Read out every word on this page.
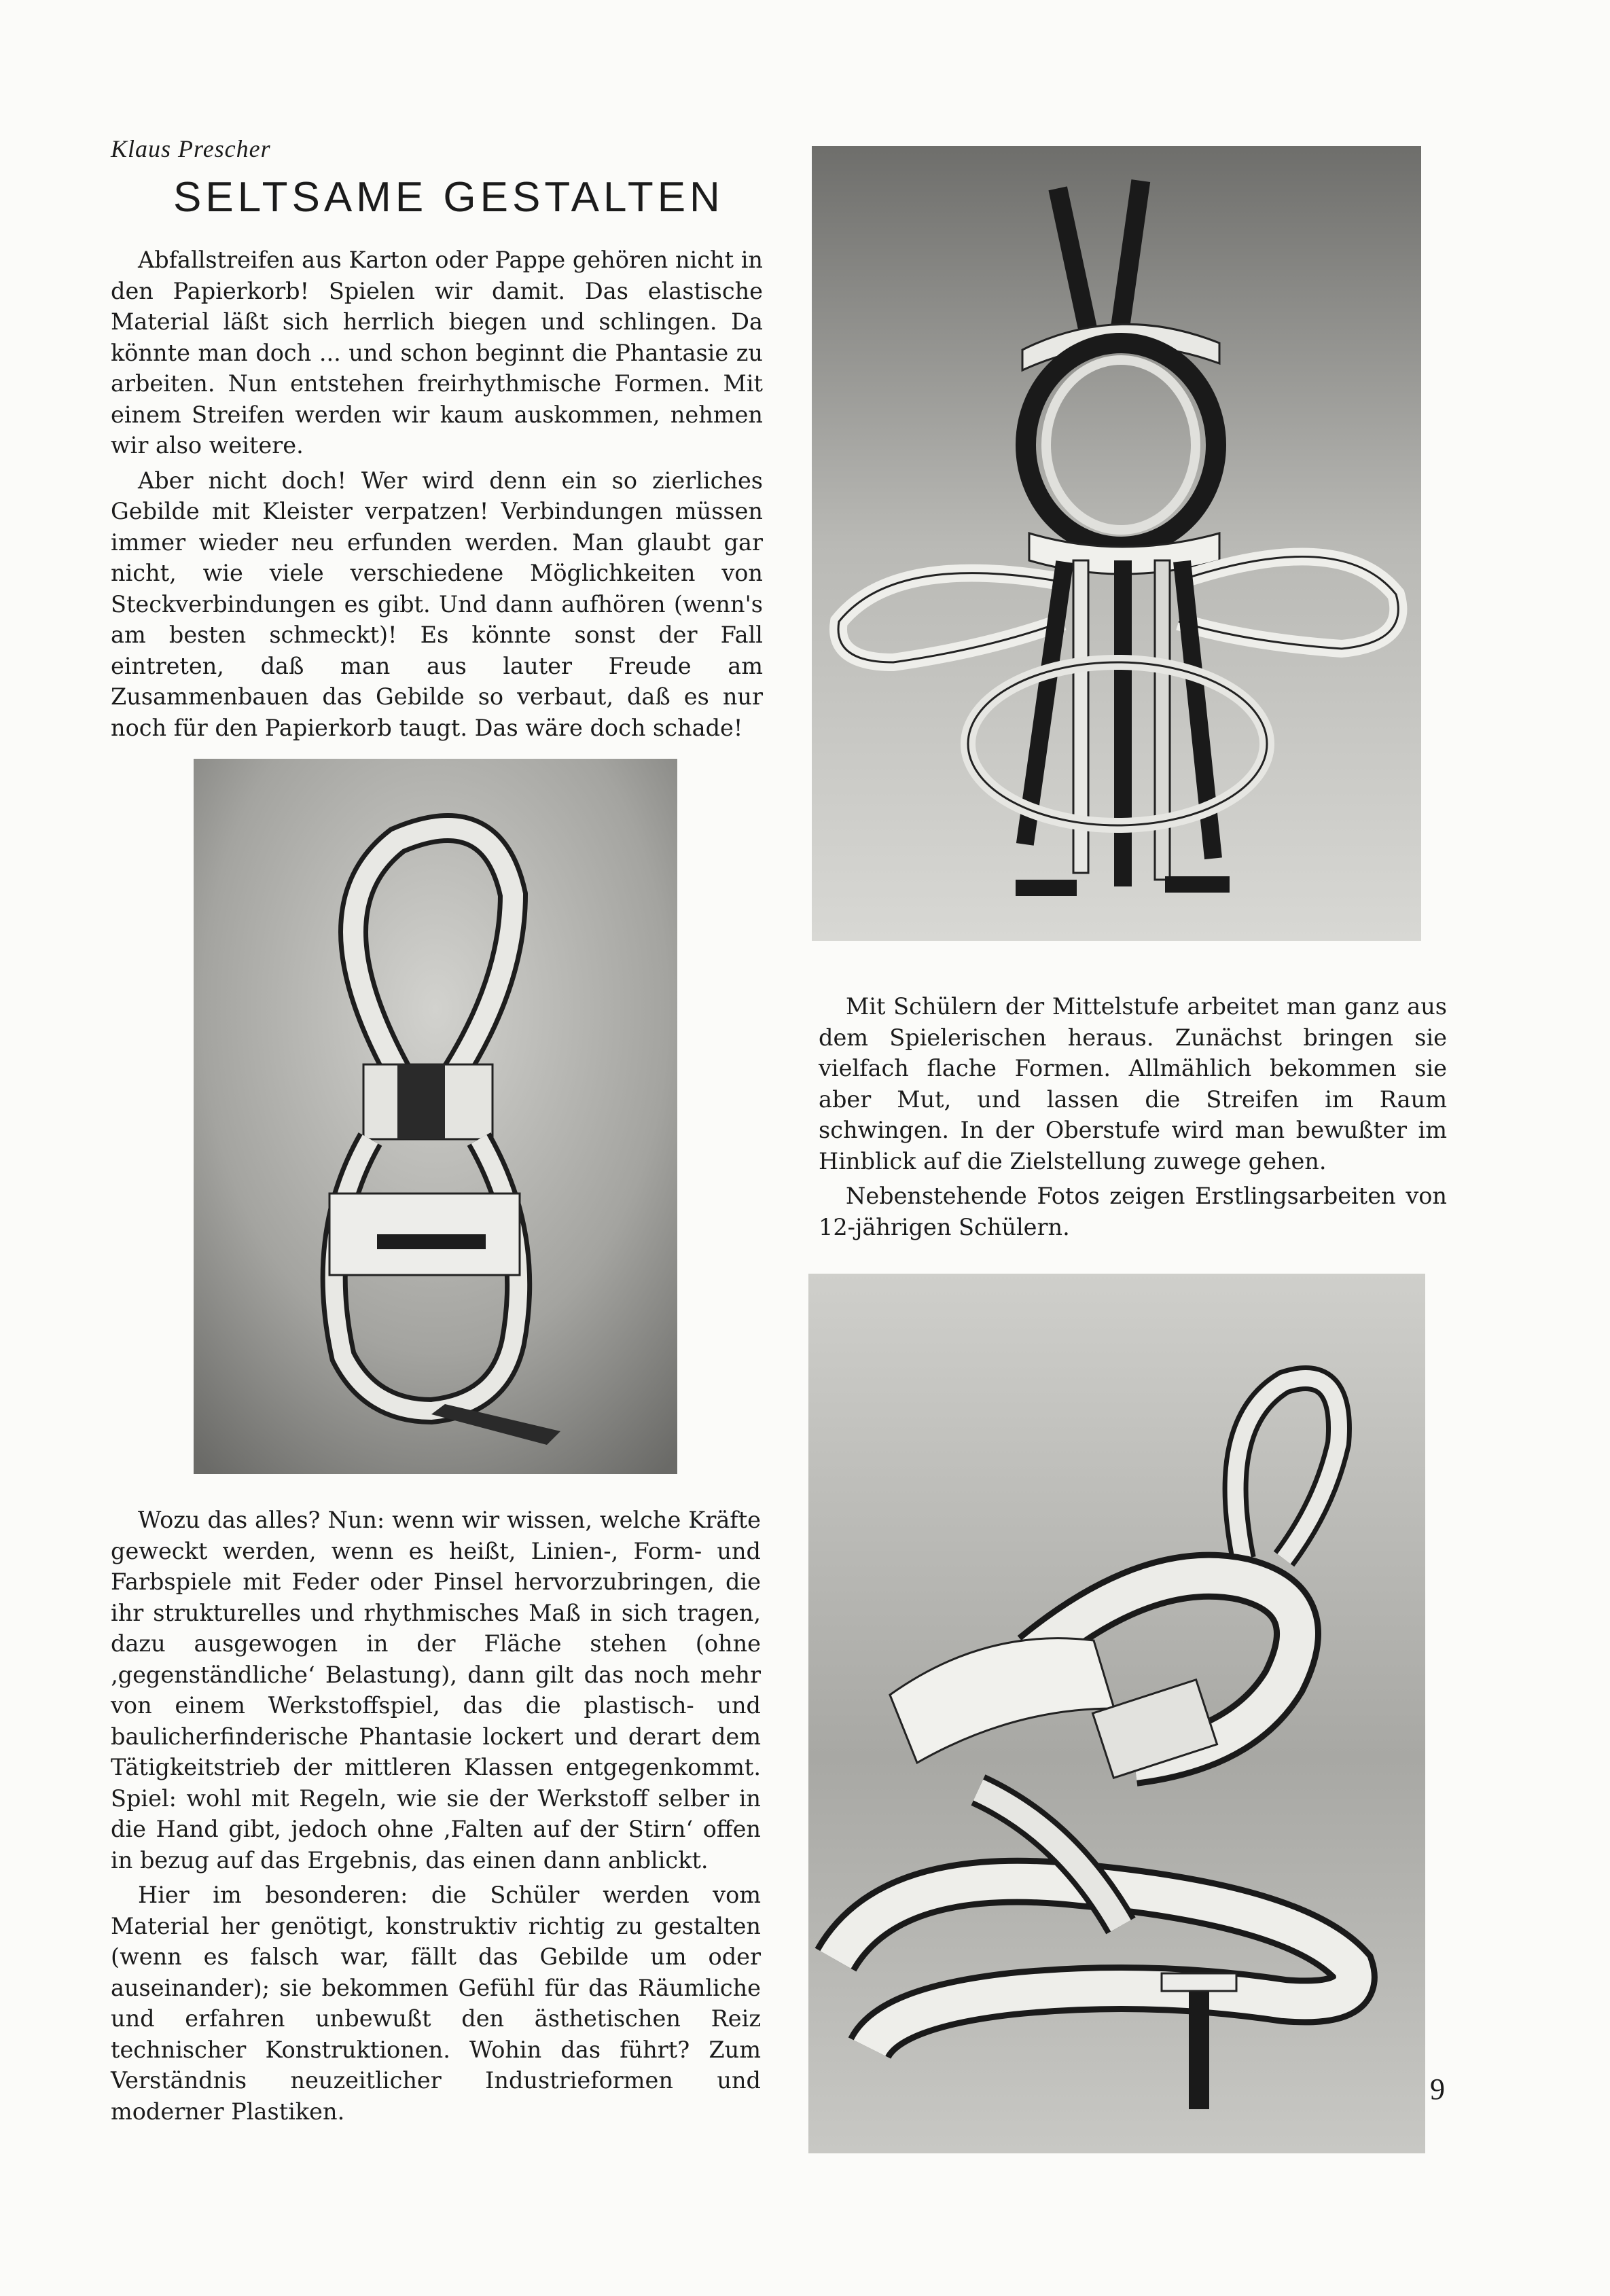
Klaus Prescher
SELTSAME GESTALTEN

Abfallstreifen aus Karton oder Pappe gehören nicht in den Papierkorb! Spielen wir damit. Das elastische Material läßt sich herrlich biegen und schlingen. Da könnte man doch ... und schon beginnt die Phantasie zu arbeiten. Nun entstehen freirhythmische Formen. Mit einem Streifen werden wir kaum auskommen, nehmen wir also weitere.

Aber nicht doch! Wer wird denn ein so zierliches Gebilde mit Kleister verpatzen! Verbindungen müssen immer wieder neu erfunden werden. Man glaubt gar nicht, wie viele verschiedene Möglichkeiten von Steckverbindungen es gibt. Und dann aufhören (wenn's am besten schmeckt)! Es könnte sonst der Fall eintreten, daß man aus lauter Freude am Zusammenbauen das Gebilde so verbaut, daß es nur noch für den Papierkorb taugt. Das wäre doch schade!

Mit Schülern der Mittelstufe arbeitet man ganz aus dem Spielerischen heraus. Zunächst bringen sie vielfach flache Formen. Allmählich bekommen sie aber Mut, und lassen die Streifen im Raum schwingen. In der Oberstufe wird man bewußter im Hinblick auf die Zielstellung zuwege gehen.

Nebenstehende Fotos zeigen Erstlingsarbeiten von 12-jährigen Schülern.

Wozu das alles? Nun: wenn wir wissen, welche Kräfte geweckt werden, wenn es heißt, Linien-, Form- und Farbspiele mit Feder oder Pinsel hervorzubringen, die ihr strukturelles und rhythmisches Maß in sich tragen, dazu ausgewogen in der Fläche stehen (ohne ‚gegenständliche‘ Belastung), dann gilt das noch mehr von einem Werkstoffspiel, das die plastisch- und baulicherfinderische Phantasie lockert und derart dem Tätigkeitstrieb der mittleren Klassen entgegenkommt. Spiel: wohl mit Regeln, wie sie der Werkstoff selber in die Hand gibt, jedoch ohne ‚Falten auf der Stirn‘ offen in bezug auf das Ergebnis, das einen dann anblickt.

Hier im besonderen: die Schüler werden vom Material her genötigt, konstruktiv richtig zu gestalten (wenn es falsch war, fällt das Gebilde um oder auseinander); sie bekommen Gefühl für das Räumliche und erfahren unbewußt den ästhetischen Reiz technischer Konstruktionen. Wohin das führt? Zum Verständnis neuzeitlicher Industrieformen und moderner Plastiken.

9
